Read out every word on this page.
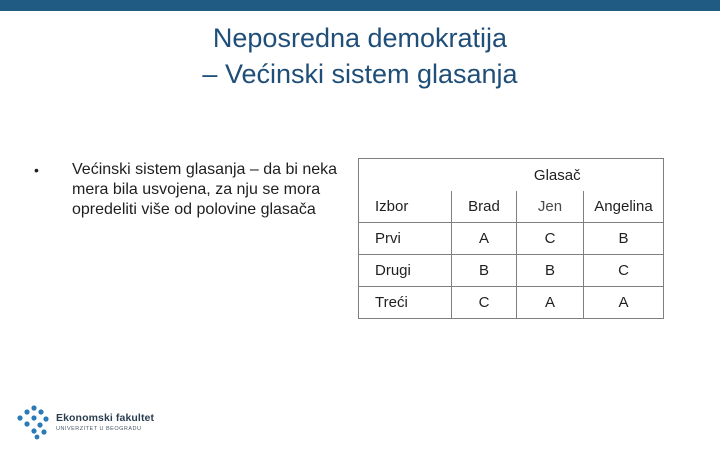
Neposredna demokratija
– Većinski sistem glasanja
• Većinski sistem glasanja – da bi neka mera bila usvojena, za nju se mora opredeliti više od polovine glasača
	Glasač		
Izbor	Brad	Jen	Angelina
Prvi	A	C	B
Drugi	B	B	C
Treći	C	A	A
Ekonomski fakultet
UNIVERZITET U BEOGRADU
